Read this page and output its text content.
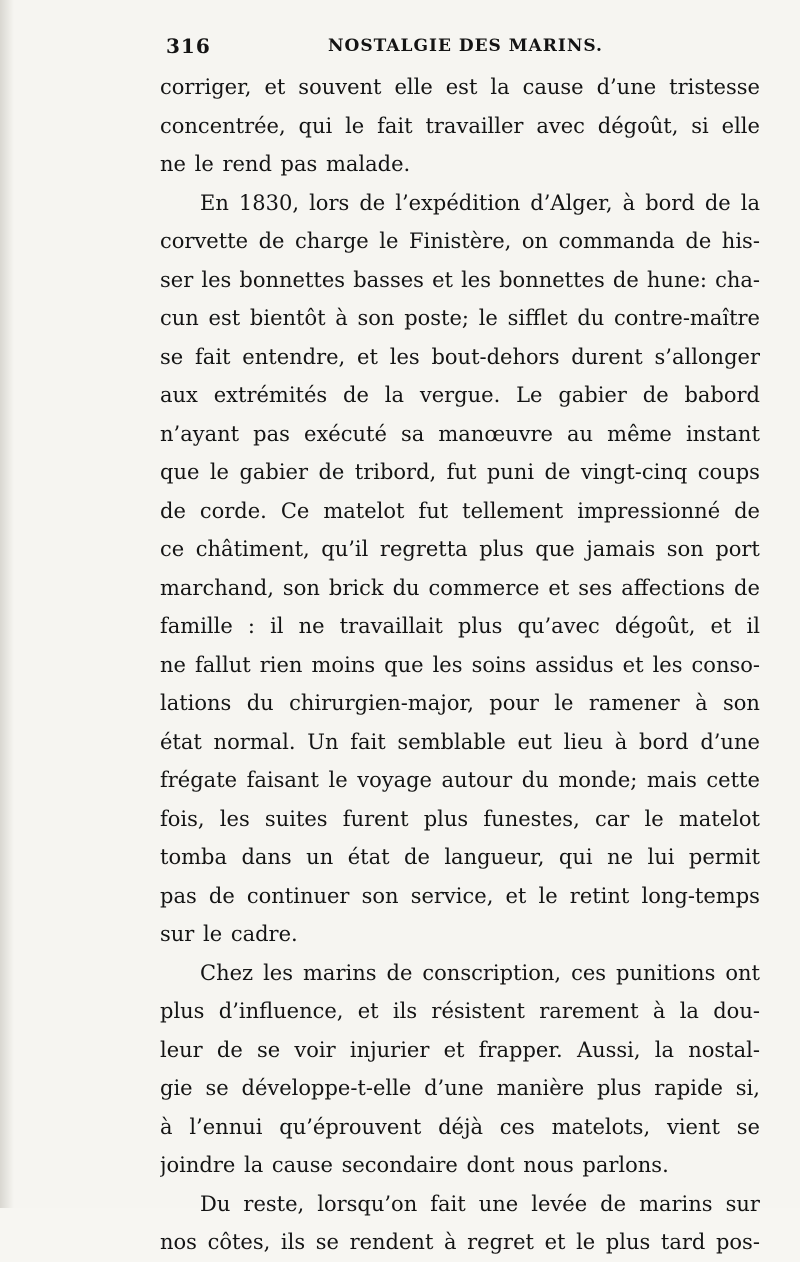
316	NOSTALGIE DES MARINS.
corriger, et souvent elle est la cause d’une tristesse
concentrée, qui le fait travailler avec dégoût, si elle
ne le rend pas malade.
En 1830, lors de l’expédition d’Alger, à bord de la
corvette de charge le Finistère, on commanda de his-
ser les bonnettes basses et les bonnettes de hune: cha-
cun est bientôt à son poste; le sifflet du contre-maître
se fait entendre, et les bout-dehors durent s’allonger
aux extrémités de la vergue. Le gabier de babord
n’ayant pas exécuté sa manœuvre au même instant
que le gabier de tribord, fut puni de vingt-cinq coups
de corde. Ce matelot fut tellement impressionné de
ce châtiment, qu’il regretta plus que jamais son port
marchand, son brick du commerce et ses affections de
famille : il ne travaillait plus qu’avec dégoût, et il
ne fallut rien moins que les soins assidus et les conso-
lations du chirurgien-major, pour le ramener à son
état normal. Un fait semblable eut lieu à bord d’une
frégate faisant le voyage autour du monde; mais cette
fois, les suites furent plus funestes, car le matelot
tomba dans un état de langueur, qui ne lui permit
pas de continuer son service, et le retint long-temps
sur le cadre.
Chez les marins de conscription, ces punitions ont
plus d’influence, et ils résistent rarement à la dou-
leur de se voir injurier et frapper. Aussi, la nostal-
gie se développe-t-elle d’une manière plus rapide si,
à l’ennui qu’éprouvent déjà ces matelots, vient se
joindre la cause secondaire dont nous parlons.
Du reste, lorsqu’on fait une levée de marins sur
nos côtes, ils se rendent à regret et le plus tard pos-
